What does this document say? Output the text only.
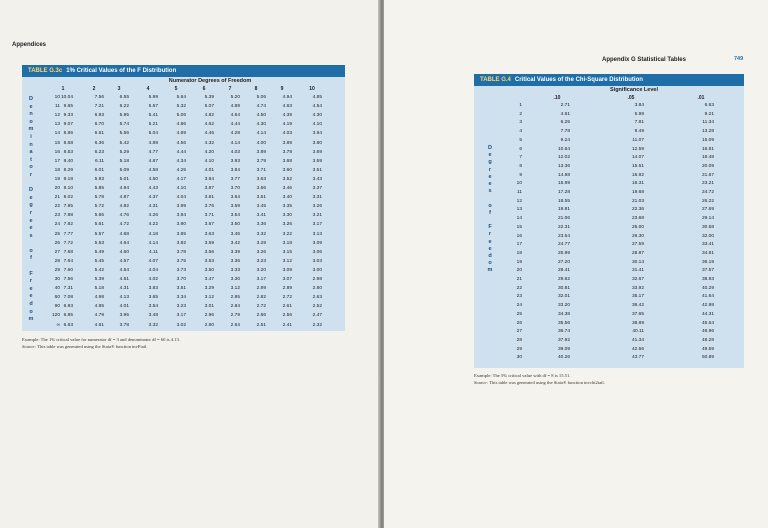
Appendices
TABLE G.3c 1% Critical Values of the F Distribution
Numerator Degrees of Freedom
D
e
n
o
m
i
n
a
t
o
r

D
e
g
r
e
e
s

o
f

F
r
e
e
d
o
m
Example: The 1% critical value for numerator df = 3 and denominator df = 60 is 4.13.
Source: This table was generated using the Stata® function invFtail.
1	2	3	4	5	6	7	8	9	10
10 10.04	7.56	6.55	5.99	5.64	5.39	5.20	5.06	4.94	4.85
11 9.65	7.21	6.22	5.67	5.32	5.07	4.89	4.74	4.63	4.54
12 9.33	6.93	5.95	5.41	5.06	4.82	4.64	4.50	4.39	4.30
13 9.07	6.70	5.74	5.21	4.86	4.62	4.44	4.30	4.19	4.10
14 8.86	6.51	5.56	5.04	4.69	4.46	4.28	4.14	4.03	3.94
15 8.68	6.36	5.42	4.89	4.56	4.32	4.14	4.00	3.89	3.80
16 8.53	6.23	5.29	4.77	4.44	4.20	4.03	3.89	3.78	3.69
17 8.40	6.11	5.18	4.67	4.34	4.10	3.93	3.79	3.68	3.59
18 8.29	6.01	5.09	4.58	4.25	4.01	3.84	3.71	3.60	3.51
19 8.18	5.93	5.01	4.50	4.17	3.94	3.77	3.63	3.52	3.43
20 8.10	5.85	4.94	4.43	4.10	3.87	3.70	3.56	3.46	3.37
21 8.02	5.78	4.87	4.37	4.04	3.81	3.64	3.51	3.40	3.31
22 7.95	5.72	4.82	4.31	3.99	3.76	3.59	3.45	3.35	3.26
23 7.88	5.66	4.76	4.26	3.94	3.71	3.54	3.41	3.30	3.21
24 7.82	5.61	4.72	4.22	3.90	3.67	3.50	3.36	3.26	3.17
25 7.77	5.57	4.68	4.18	3.85	3.63	3.46	3.32	3.22	3.13
26 7.72	5.53	4.64	4.14	3.82	3.59	3.42	3.29	3.18	3.09
27 7.68	5.49	4.60	4.11	3.78	3.56	3.39	3.26	3.15	3.06
28 7.64	5.45	4.57	4.07	3.75	3.53	3.36	3.23	3.12	3.03
29 7.60	5.42	4.54	4.04	3.73	3.50	3.33	3.20	3.09	3.00
30 7.56	5.39	4.51	4.02	3.70	3.47	3.30	3.17	3.07	2.98
40 7.31	5.18	4.31	3.83	3.51	3.29	3.12	2.99	2.89	2.80
60 7.08	4.98	4.13	3.65	3.34	3.12	2.95	2.82	2.72	2.63
90 6.93	4.85	4.01	3.54	3.23	3.01	2.84	2.72	2.61	2.52
120 6.85	4.79	3.95	3.48	3.17	2.96	2.79	2.66	2.56	2.47
∞ 6.63	4.61	3.78	3.32	3.02	2.80	2.64	2.51	2.41	2.32
Appendix G Statistical Tables	749
TABLE G.4 Critical Values of the Chi-Square Distribution
Significance Level
D
e
g
r
e
e
s

o
f

F
r
e
e
d
o
m
Example: The 5% critical value with df = 8 is 15.51.
Source: This table was generated using the Stata® function invchi2tail.
.10	.05	.01
1	2.71	3.84	6.63
2	4.61	5.99	9.21
3	6.25	7.81	11.34
4	7.78	9.49	13.28
5	9.24	11.07	15.09
6	10.64	12.59	16.81
7	12.02	14.07	18.48
8	13.36	15.51	20.09
9	14.68	16.92	21.67
10	15.99	18.31	23.21
11	17.28	19.68	24.72
12	18.55	21.03	26.22
13	19.81	22.36	27.69
14	21.06	23.68	29.14
15	22.31	25.00	30.58
16	23.54	26.30	32.00
17	24.77	27.59	33.41
18	25.99	28.87	34.81
19	27.20	30.14	36.19
20	28.41	31.41	37.57
21	29.62	32.67	38.93
22	30.81	33.92	40.29
23	32.01	35.17	41.64
24	33.20	36.42	42.98
25	34.38	37.65	44.31
26	35.56	38.89	45.64
27	36.74	40.11	46.96
28	37.92	41.34	48.28
29	39.09	42.56	49.59
30	40.26	43.77	50.89
